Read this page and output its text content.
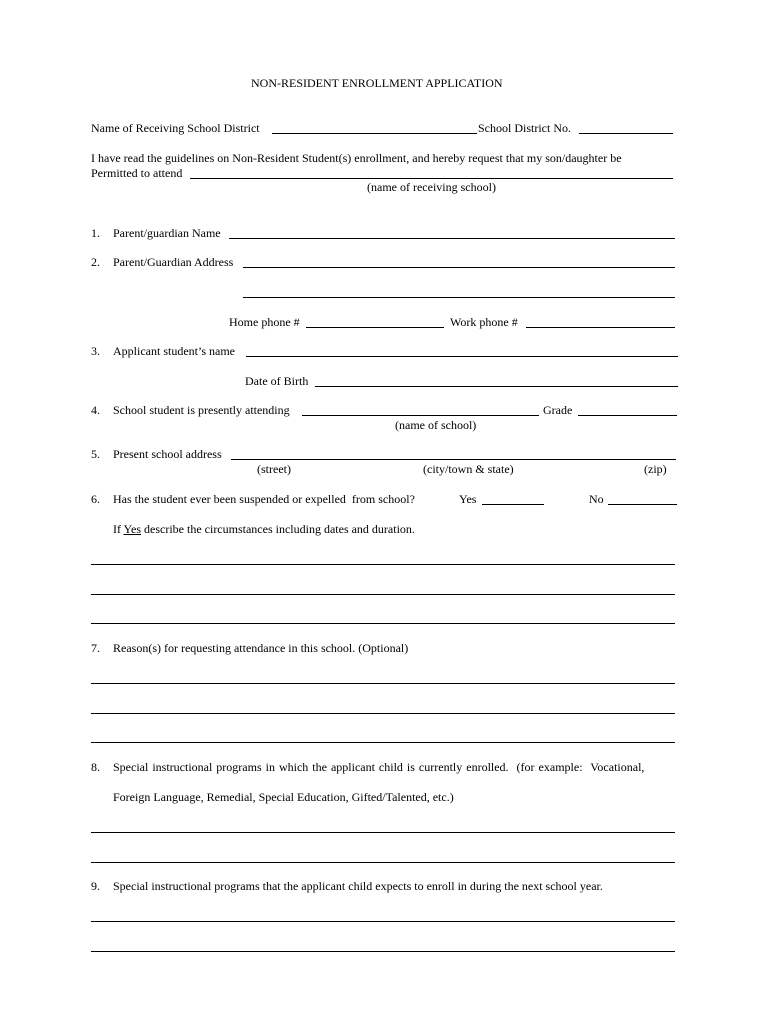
NON-RESIDENT ENROLLMENT APPLICATION
Name of Receiving School District	School District No.
I have read the guidelines on Non-Resident Student(s) enrollment, and hereby request that my son/daughter be
Permitted to attend
(name of receiving school)
1. Parent/guardian Name
2. Parent/Guardian Address
Home phone #	Work phone #
3. Applicant student’s name
Date of Birth
4. School student is presently attending	Grade
(name of school)
5. Present school address
(street)	(city/town & state)	(zip)
6. Has the student ever been suspended or expelled  from school?	Yes	No
If Yes describe the circumstances including dates and duration.
7. Reason(s) for requesting attendance in this school. (Optional)
8. Special instructional programs in which the applicant child is currently enrolled.  (for example:  Vocational,
Foreign Language, Remedial, Special Education, Gifted/Talented, etc.)
9. Special instructional programs that the applicant child expects to enroll in during the next school year.
